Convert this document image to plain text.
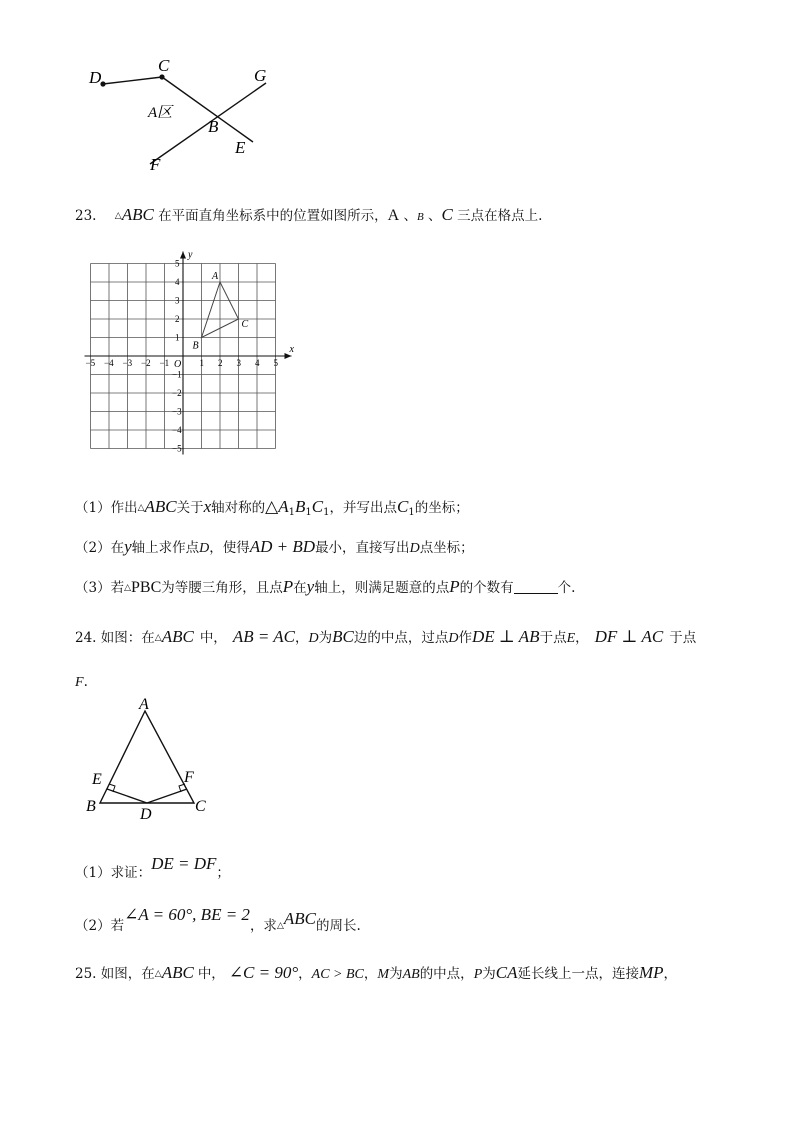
D
C
A区
B
G
E
F
23. △ABC 在平面直角坐标系中的位置如图所示，A 、B 、C 三点在格点上.
x
y
O
−5 −4 −3 −2 −1	1 2 3 4 5
5
4
3
2
1
−1
−2
−3
−4
−5
A
B
C
（1）作出△ABC关于x轴对称的$\triangle A_1B_1C_1$，并写出点$C_1$的坐标；
（2）在y轴上求作点D，使得AD + BD最小，直接写出D点坐标；
（3）若△PBC为等腰三角形，且点P在y轴上，则满足题意的点P的个数有	个.
24. 如图：在△ABC 中， AB = AC，D为BC边的中点，过点D作DE ⊥ AB于点E， DF ⊥ AC 于点
F.
A
E	F
B	D	C
（1）求证：DE = DF；
（2）若∠A = 60°, BE = 2，求△ABC的周长.
25. 如图，在△ABC 中， ∠C = 90°，AC > BC，M为AB的中点，P为CA延长线上一点，连接MP，
